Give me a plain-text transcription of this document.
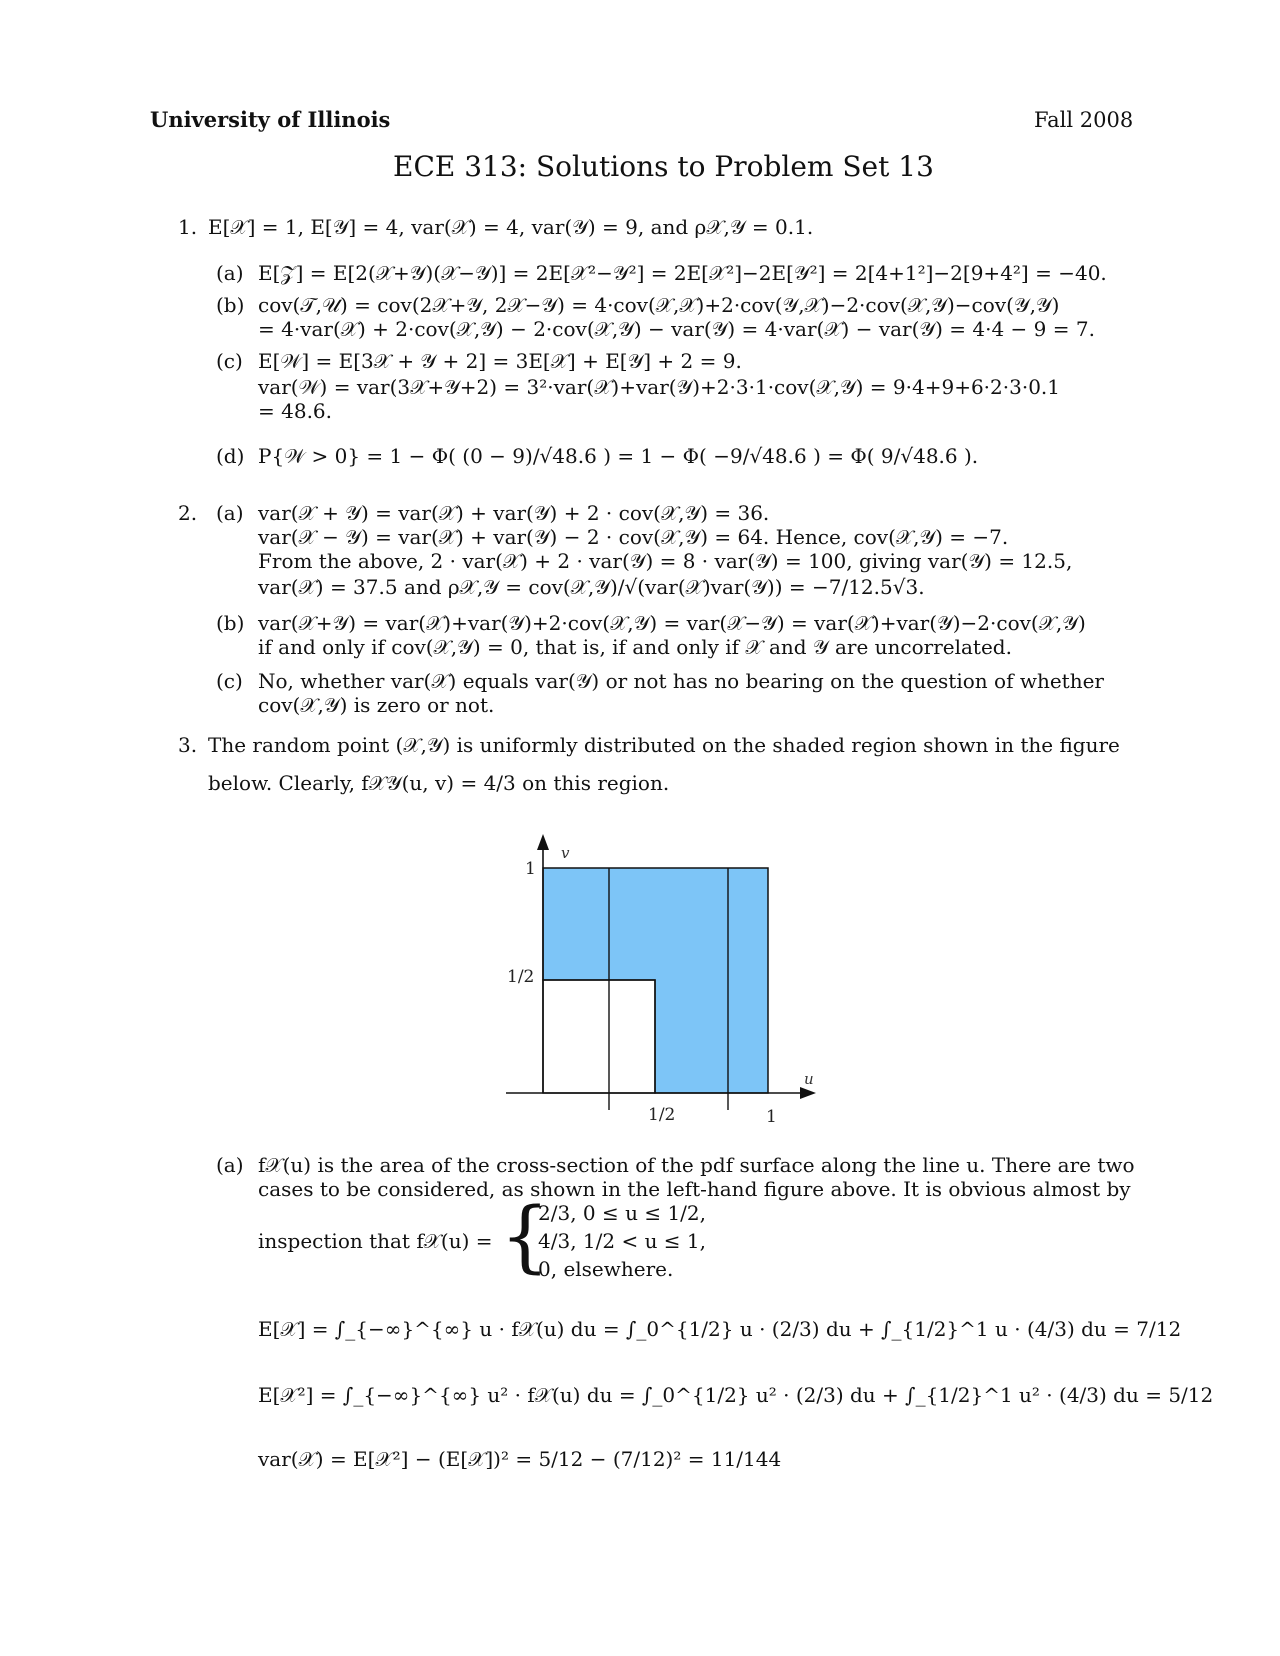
University of Illinois	Fall 2008
ECE 313: Solutions to Problem Set 13
1. E[𝒳] = 1, E[𝒴] = 4, var(𝒳) = 4, var(𝒴) = 9, and ρ𝒳,𝒴 = 0.1.
(a) E[𝒵] = E[2(𝒳+𝒴)(𝒳−𝒴)] = 2E[𝒳²−𝒴²] = 2E[𝒳²]−2E[𝒴²] = 2[4+1²]−2[9+4²] = −40.
(b) cov(𝒯,𝒰) = cov(2𝒳+𝒴, 2𝒳−𝒴) = 4·cov(𝒳,𝒳)+2·cov(𝒴,𝒳)−2·cov(𝒳,𝒴)−cov(𝒴,𝒴)
= 4·var(𝒳) + 2·cov(𝒳,𝒴) − 2·cov(𝒳,𝒴) − var(𝒴) = 4·var(𝒳) − var(𝒴) = 4·4 − 9 = 7.
(c) E[𝒲] = E[3𝒳 + 𝒴 + 2] = 3E[𝒳] + E[𝒴] + 2 = 9.
var(𝒲) = var(3𝒳+𝒴+2) = 3²·var(𝒳)+var(𝒴)+2·3·1·cov(𝒳,𝒴) = 9·4+9+6·2·3·0.1
= 48.6.
(d) P{𝒲 > 0} = 1 − Φ( (0 − 9)/√48.6 ) = 1 − Φ( −9/√48.6 ) = Φ( 9/√48.6 ).
2. (a) var(𝒳 + 𝒴) = var(𝒳) + var(𝒴) + 2 · cov(𝒳,𝒴) = 36.
var(𝒳 − 𝒴) = var(𝒳) + var(𝒴) − 2 · cov(𝒳,𝒴) = 64. Hence, cov(𝒳,𝒴) = −7.
From the above, 2 · var(𝒳) + 2 · var(𝒴) = 8 · var(𝒴) = 100, giving var(𝒴) = 12.5,
var(𝒳) = 37.5 and ρ𝒳,𝒴 = cov(𝒳,𝒴)/√(var(𝒳)var(𝒴)) = −7/12.5√3.
(b) var(𝒳+𝒴) = var(𝒳)+var(𝒴)+2·cov(𝒳,𝒴) = var(𝒳−𝒴) = var(𝒳)+var(𝒴)−2·cov(𝒳,𝒴)
if and only if cov(𝒳,𝒴) = 0, that is, if and only if 𝒳 and 𝒴 are uncorrelated.
(c) No, whether var(𝒳) equals var(𝒴) or not has no bearing on the question of whether
cov(𝒳,𝒴) is zero or not.
3. The random point (𝒳,𝒴) is uniformly distributed on the shaded region shown in the figure
below. Clearly, f𝒳𝒴(u, v) = 4/3 on this region.
v
u
1
1/2
1/2	1
(a) f𝒳(u) is the area of the cross-section of the pdf surface along the line u. There are two
cases to be considered, as shown in the left-hand figure above. It is obvious almost by
inspection that f𝒳(u) = {
2/3, 0 ≤ u ≤ 1/2,
4/3, 1/2 < u ≤ 1,
0, elsewhere.
E[𝒳] = ∫_{−∞}^{∞} u · f𝒳(u) du = ∫_0^{1/2} u · (2/3) du + ∫_{1/2}^1 u · (4/3) du = 7/12
E[𝒳²] = ∫_{−∞}^{∞} u² · f𝒳(u) du = ∫_0^{1/2} u² · (2/3) du + ∫_{1/2}^1 u² · (4/3) du = 5/12
var(𝒳) = E[𝒳²] − (E[𝒳])² = 5/12 − (7/12)² = 11/144
